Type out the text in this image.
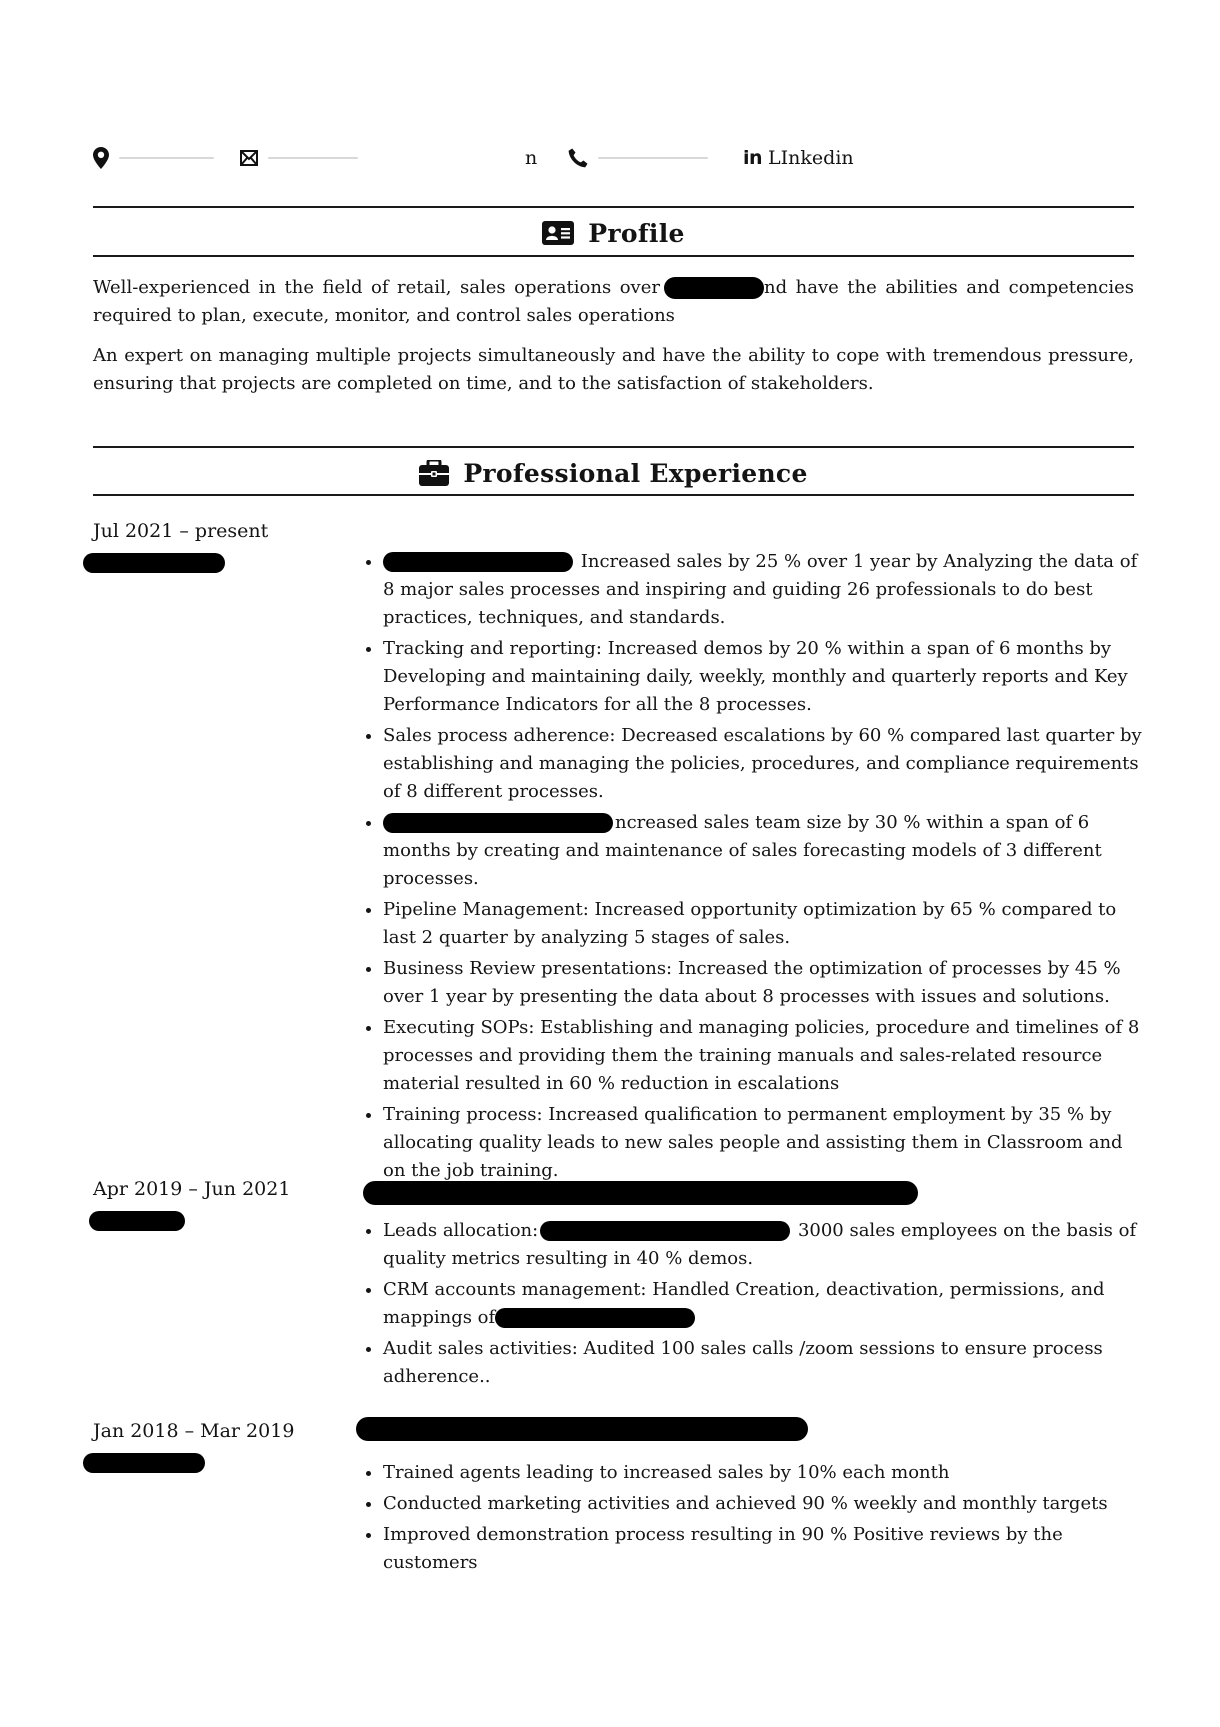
n	in LInkedin
Profile
Well-experienced in the field of retail, sales operations over	nd have the abilities and competencies required to plan, execute, monitor, and control sales operations
An expert on managing multiple projects simultaneously and have the ability to cope with tremendous pressure, ensuring that projects are completed on time, and to the satisfaction of stakeholders.
Professional Experience
Jul 2021 – present
• Increased sales by 25 % over 1 year by Analyzing the data of 8 major sales processes and inspiring and guiding 26 professionals to do best practices, techniques, and standards.
• Tracking and reporting: Increased demos by 20 % within a span of 6 months by Developing and maintaining daily, weekly, monthly and quarterly reports and Key Performance Indicators for all the 8 processes.
• Sales process adherence: Decreased escalations by 60 % compared last quarter by establishing and managing the policies, procedures, and compliance requirements of 8 different processes.
• ncreased sales team size by 30 % within a span of 6 months by creating and maintenance of sales forecasting models of 3 different processes.
• Pipeline Management: Increased opportunity optimization by 65 % compared to last 2 quarter by analyzing 5 stages of sales.
• Business Review presentations: Increased the optimization of processes by 45 % over 1 year by presenting the data about 8 processes with issues and solutions.
• Executing SOPs: Establishing and managing policies, procedure and timelines of 8 processes and providing them the training manuals and sales-related resource material resulted in 60 % reduction in escalations
• Training process: Increased qualification to permanent employment by 35 % by allocating quality leads to new sales people and assisting them in Classroom and on the job training.
Apr 2019 – Jun 2021
• Leads allocation:	3000 sales employees on the basis of quality metrics resulting in 40 % demos.
• CRM accounts management: Handled Creation, deactivation, permissions, and mappings of
• Audit sales activities: Audited 100 sales calls /zoom sessions to ensure process adherence..
Jan 2018 – Mar 2019
• Trained agents leading to increased sales by 10% each month
• Conducted marketing activities and achieved 90 % weekly and monthly targets
• Improved demonstration process resulting in 90 % Positive reviews by the customers
